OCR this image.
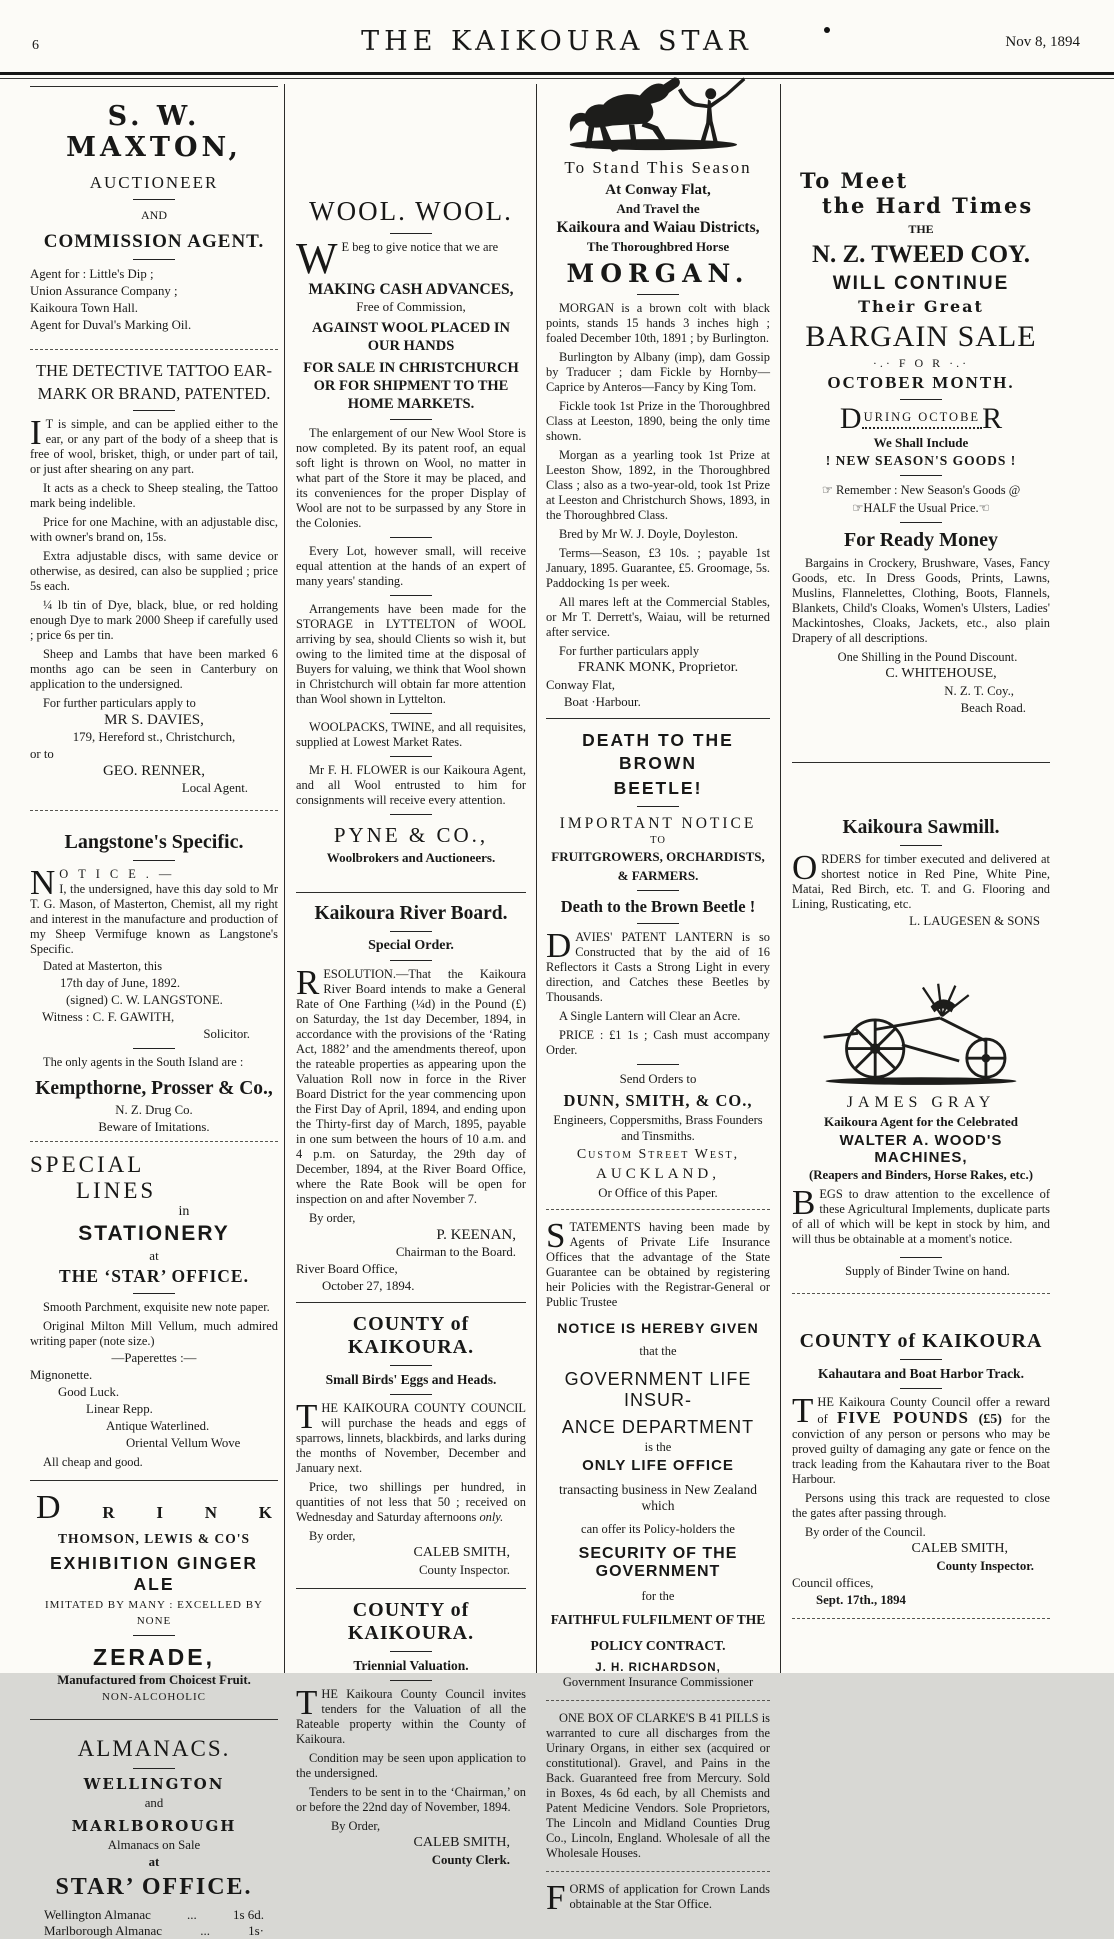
6	THE KAIKOURA STAR	Nov 8, 1894
S. W. MAXTON,
AUCTIONEER
AND
COMMISSION AGENT.
Agent for : Little's Dip ;
Union Assurance Company ;
Kaikoura Town Hall.
Agent for Duval's Marking Oil.
THE DETECTIVE TATTOO EAR-
MARK OR BRAND, PATENTED.

I T is simple, and can be applied either to the ear, or any part of the body of a sheep that is free of wool, brisket, thigh, or under part of tail, or just after shearing on any part.

It acts as a check to Sheep stealing, the Tattoo mark being indelible.

Price for one Machine, with an adjustable disc, with owner's brand on, 15s.

Extra adjustable discs, with same device or otherwise, as desired, can also be supplied ; price 5s each.

¼ lb tin of Dye, black, blue, or red holding enough Dye to mark 2000 Sheep if carefully used ; price 6s per tin.

Sheep and Lambs that have been marked 6 months ago can be seen in Canterbury on application to the undersigned.

For further particulars apply to

MR S. DAVIES,
179, Hereford st., Christchurch,
or to
GEO. RENNER,
Local Agent.
Langstone's Specific.

NOTICE.—
I, the undersigned, have this day sold to Mr T. G. Mason, of Masterton, Chemist, all my right and interest in the manufacture and production of my Sheep Vermifuge known as Langstone's Specific.

Dated at Masterton, this

17th day of June, 1892.
(signed) C. W. LANGSTONE.
Witness : C. F. GAWITH,
Solicitor.

The only agents in the South Island are :

Kempthorne, Prosser & Co.,
N. Z. Drug Co.
Beware of Imitations.
SPECIAL
LINES
in
STATIONERY
at
THE ‘STAR’ OFFICE.

Smooth Parchment, exquisite new note paper.

Original Milton Mill Vellum, much admired writing paper (note size.)

—Paperettes :—
Mignonette.
Good Luck.
Linear Repp.
Antique Waterlined.
Oriental Vellum Wove

All cheap and good.

D R I N K
THOMSON, LEWIS & CO'S
EXHIBITION GINGER ALE
IMITATED BY MANY : EXCELLED BY NONE
ZERADE,
Manufactured from Choicest Fruit.
NON-ALCOHOLIC
ALMANACS.
WELLINGTON
and
MARLBOROUGH
Almanacs on Sale
at
STAR’ OFFICE.
Wellington Almanac	...	1s 6d.
Marlborough Almanac	...	1s·
WOOL. WOOL.

W E beg to give notice that we are

MAKING CASH ADVANCES,
Free of Commission,
AGAINST WOOL PLACED IN OUR HANDS
FOR SALE IN CHRISTCHURCH OR FOR SHIPMENT TO THE HOME MARKETS.

The enlargement of our New Wool Store is now completed. By its patent roof, an equal soft light is thrown on Wool, no matter in what part of the Store it may be placed, and its conveniences for the proper Display of Wool are not to be surpassed by any Store in the Colonies.

Every Lot, however small, will receive equal attention at the hands of an expert of many years' standing.

Arrangements have been made for the STORAGE in LYTTELTON of WOOL arriving by sea, should Clients so wish it, but owing to the limited time at the disposal of Buyers for valuing, we think that Wool shown in Christchurch will obtain far more attention than Wool shown in Lyttelton.

WOOLPACKS, TWINE, and all requisites, supplied at Lowest Market Rates.

Mr F. H. FLOWER is our Kaikoura Agent, and all Wool entrusted to him for consignments will receive every attention.

PYNE & CO.,
Woolbrokers and Auctioneers.
Kaikoura River Board.
Special Order.

RESOLUTION.—That the Kaikoura River Board intends to make a General Rate of One Farthing (¼d) in the Pound (£) on Saturday, the 1st day December, 1894, in accordance with the provisions of the ‘Rating Act, 1882’ and the amendments thereof, upon the rateable properties as appearing upon the Valuation Roll now in force in the River Board District for the year commencing upon the First Day of April, 1894, and ending upon the Thirty-first day of March, 1895, payable in one sum between the hours of 10 a.m. and 4 p.m. on Saturday, the 29th day of December, 1894, at the River Board Office, where the Rate Book will be open for inspection on and after November 7.

By order,

P. KEENAN,
Chairman to the Board.
River Board Office,
October 27, 1894.
COUNTY of KAIKOURA.
Small Birds' Eggs and Heads.

THE KAIKOURA COUNTY COUNCIL will purchase the heads and eggs of sparrows, linnets, blackbirds, and larks during the months of November, December and January next.

Price, two shillings per hundred, in quantities of not less that 50 ; received on Wednesday and Saturday afternoons only.

By order,

CALEB SMITH,
County Inspector.
COUNTY of KAIKOURA.
Triennial Valuation.

THE Kaikoura County Council invites tenders for the Valuation of all the Rateable property within the County of Kaikoura.

Condition may be seen upon application to the undersigned.

Tenders to be sent in to the ‘Chairman,’ on or before the 22nd day of November, 1894.

By Order,

CALEB SMITH,
County Clerk.
To Stand This Season
At Conway Flat,
And Travel the
Kaikoura and Waiau Districts,
The Thoroughbred Horse
MORGAN.

MORGAN is a brown colt with black points, stands 15 hands 3 inches high ; foaled December 10th, 1891 ; by Burlington.

Burlington by Albany (imp), dam Gossip by Traducer ; dam Fickle by Hornby—Caprice by Anteros—Fancy by King Tom.

Fickle took 1st Prize in the Thoroughbred Class at Leeston, 1890, being the only time shown.

Morgan as a yearling took 1st Prize at Leeston Show, 1892, in the Thoroughbred Class ; also as a two-year-old, took 1st Prize at Leeston and Christchurch Shows, 1893, in the Thoroughbred Class.

Bred by Mr W. J. Doyle, Doyleston.

Terms—Season, £3 10s. ; payable 1st January, 1895. Guarantee, £5. Groomage, 5s. Paddocking 1s per week.

All mares left at the Commercial Stables, or Mr T. Derrett's, Waiau, will be returned after service.

For further particulars apply

FRANK MONK, Proprietor.
Conway Flat,
Boat ·Harbour.
DEATH TO THE BROWN
BEETLE!
IMPORTANT NOTICE
TO
FRUITGROWERS, ORCHARDISTS,
& FARMERS.
Death to the Brown Beetle !

DAVIES' PATENT LANTERN is so Constructed that by the aid of 16 Reflectors it Casts a Strong Light in every direction, and Catches these Beetles by Thousands.

A Single Lantern will Clear an Acre.

PRICE : £1 1s ; Cash must accompany Order.

Send Orders to
DUNN, SMITH, & CO.,
Engineers, Coppersmiths, Brass Founders and Tinsmiths.
Custom Street West,
AUCKLAND,
Or Office of this Paper.

STATEMENTS having been made by Agents of Private Life Insurance Offices that the advantage of the State Guarantee can be obtained by registering heir Policies with the Registrar-General or Public Trustee

NOTICE IS HEREBY GIVEN
that the
GOVERNMENT LIFE INSUR-
ANCE DEPARTMENT
is the
ONLY LIFE OFFICE
transacting business in New Zealand which
can offer its Policy-holders the
SECURITY OF THE GOVERNMENT
for the
FAITHFUL FULFILMENT OF THE
POLICY CONTRACT.
J. H. RICHARDSON,
Government Insurance Commissioner

ONE BOX OF CLARKE'S B 41 PILLS is warranted to cure all discharges from the Urinary Organs, in either sex (acquired or constitutional). Gravel, and Pains in the Back. Guaranteed free from Mercury. Sold in Boxes, 4s 6d each, by all Chemists and Patent Medicine Vendors. Sole Proprietors, The Lincoln and Midland Counties Drug Co., Lincoln, England. Wholesale of all the Wholesale Houses.

FORMS of application for Crown Lands obtainable at the Star Office.

To Meet
the Hard Times
THE
N. Z. TWEED COY.
WILL CONTINUE
Their Great
BARGAIN SALE
·.· F O R ·.·
OCTOBER MONTH.
D URING OCTOBE R
We Shall Include
! NEW SEASON'S GOODS !
☞ Remember : New Season's Goods @
☞HALF the Usual Price.☜
For Ready Money

Bargains in Crockery, Brushware, Vases, Fancy Goods, etc. In Dress Goods, Prints, Lawns, Muslins, Flannelettes, Clothing, Boots, Flannels, Blankets, Child's Cloaks, Women's Ulsters, Ladies' Mackintoshes, Cloaks, Jackets, etc., also plain Drapery of all descriptions.

One Shilling in the Pound Discount.

C. WHITEHOUSE,
N. Z. T. Coy.,
Beach Road.
Kaikoura Sawmill.

ORDERS for timber executed and delivered at shortest notice in Red Pine, White Pine, Matai, Red Birch, etc. T. and G. Flooring and Lining, Rusticating, etc.

L. LAUGESEN & SONS
JAMES GRAY
Kaikoura Agent for the Celebrated
WALTER A. WOOD'S MACHINES,
(Reapers and Binders, Horse Rakes, etc.)

BEGS to draw attention to the excellence of these Agricultural Implements, duplicate parts of all of which will be kept in stock by him, and will thus be obtainable at a moment's notice.

Supply of Binder Twine on hand.

COUNTY of KAIKOURA
Kahautara and Boat Harbor Track.

THE Kaikoura County Council offer a reward of FIVE POUNDS (£5) for the conviction of any person or persons who may be proved guilty of damaging any gate or fence on the track leading from the Kahautara river to the Boat Harbour.

Persons using this track are requested to close the gates after passing through.

By order of the Council.

CALEB SMITH,
County Inspector.
Council offices,
Sept. 17th., 1894
